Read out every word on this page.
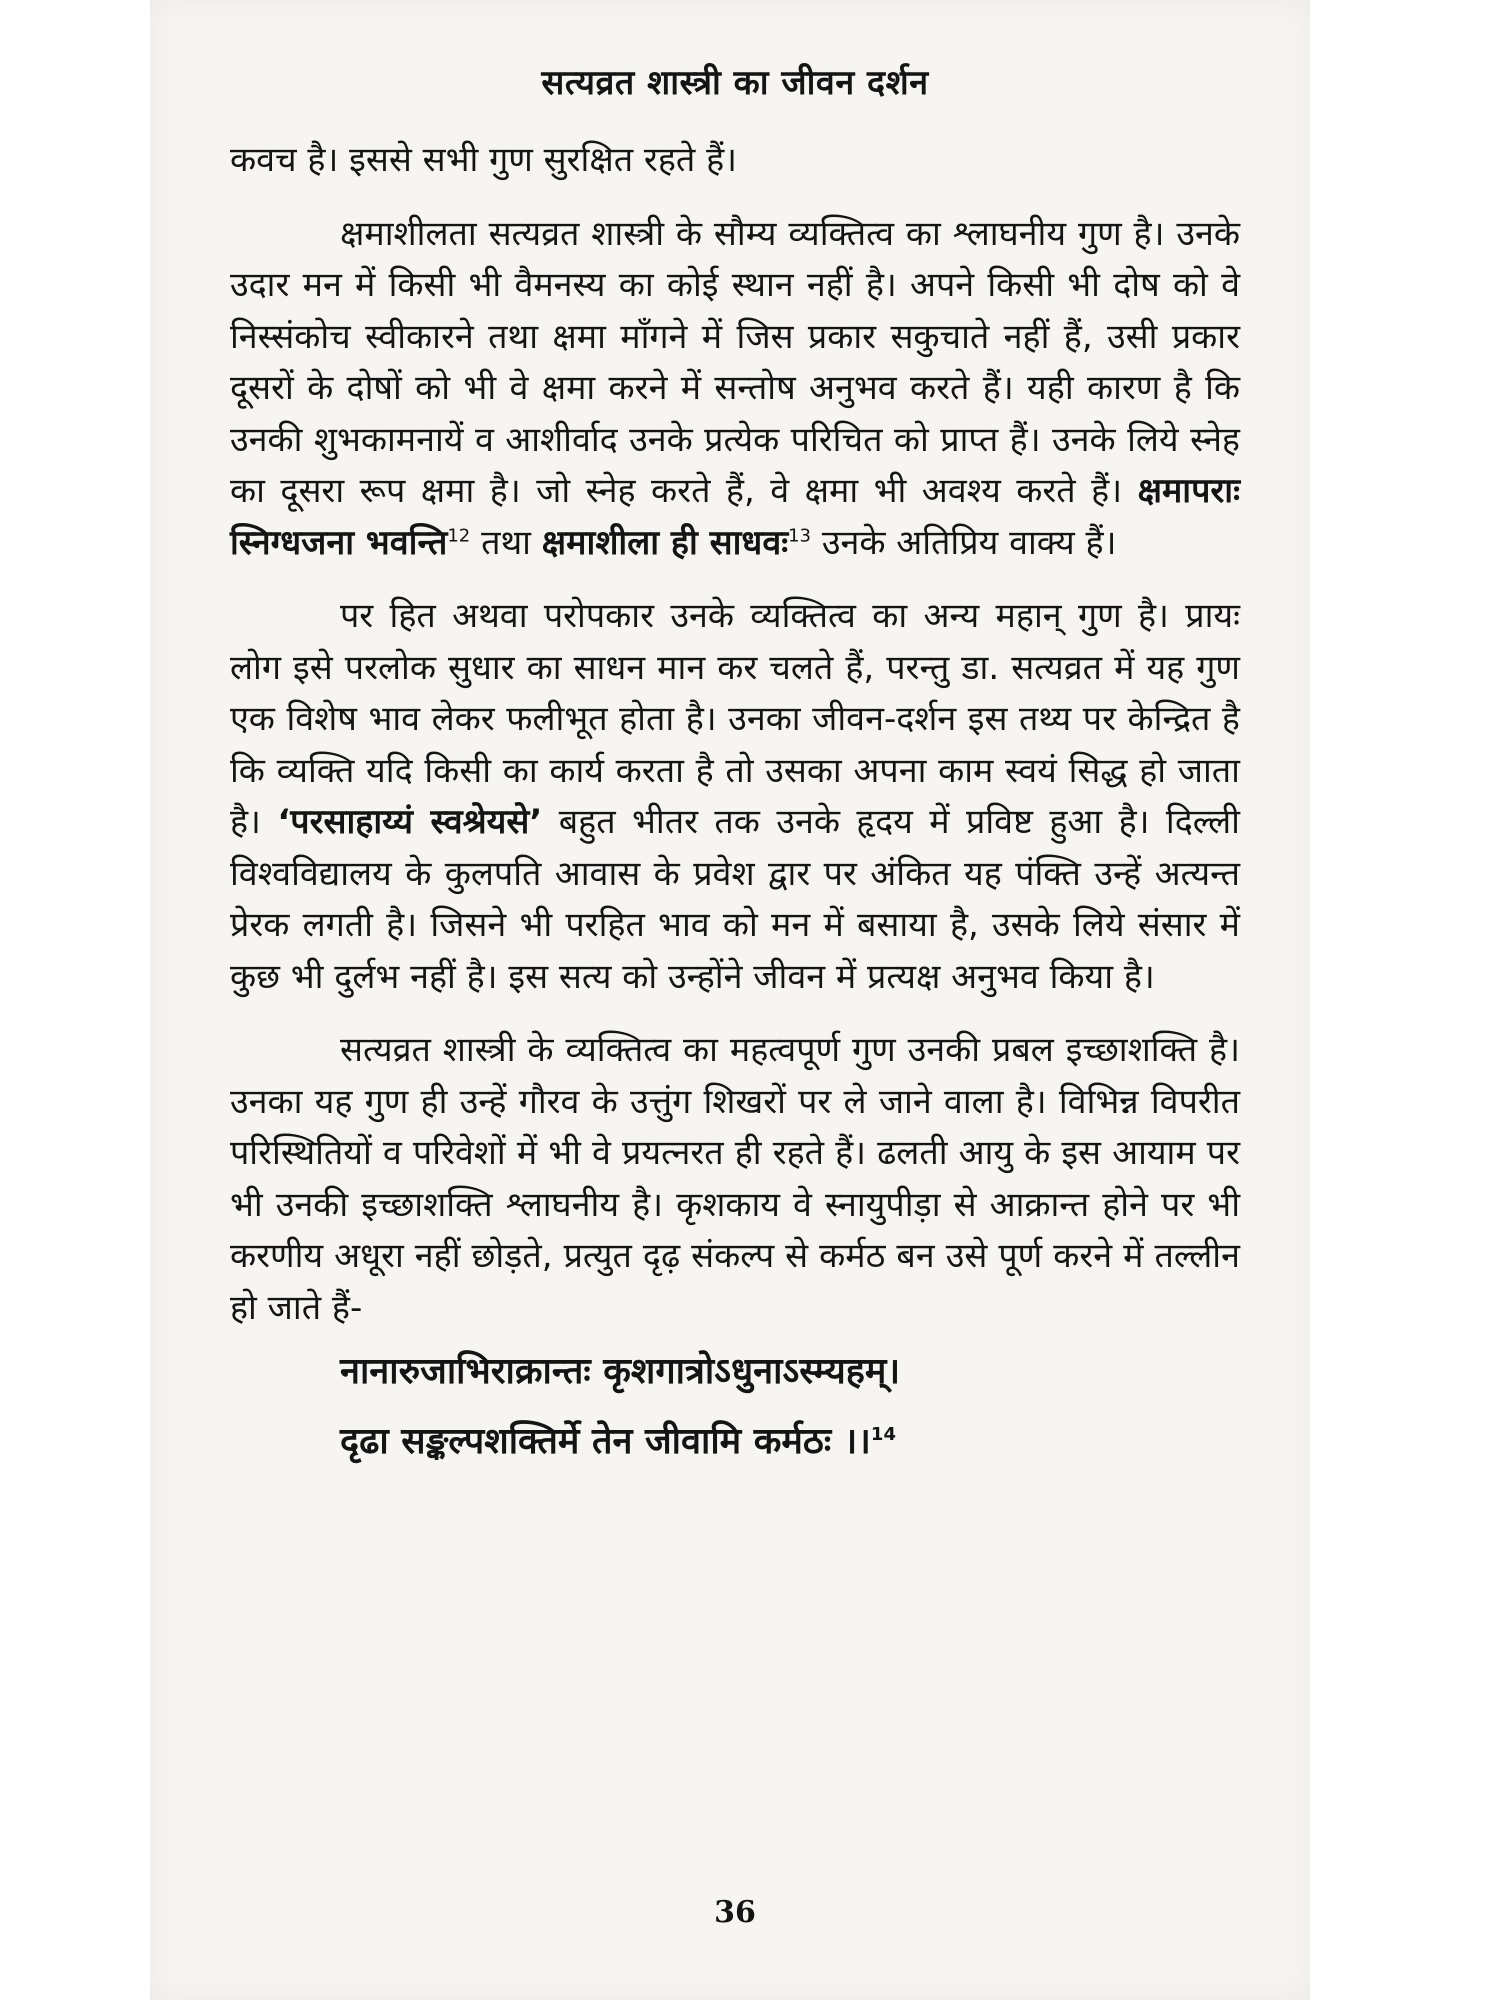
सत्यव्रत शास्त्री का जीवन दर्शन

कवच है। इससे सभी गुण सुरक्षित रहते हैं।

क्षमाशीलता सत्यव्रत शास्त्री के सौम्य व्यक्तित्व का श्लाघनीय गुण है। उनके उदार मन में किसी भी वैमनस्य का कोई स्थान नहीं है। अपने किसी भी दोष को वे निस्संकोच स्वीकारने तथा क्षमा माँगने में जिस प्रकार सकुचाते नहीं हैं, उसी प्रकार दूसरों के दोषों को भी वे क्षमा करने में सन्तोष अनुभव करते हैं। यही कारण है कि उनकी शुभकामनायें व आशीर्वाद उनके प्रत्येक परिचित को प्राप्त हैं। उनके लिये स्नेह का दूसरा रूप क्षमा है। जो स्नेह करते हैं, वे क्षमा भी अवश्य करते हैं। क्षमापराः स्निग्धजना भवन्ति$^{12}$ तथा क्षमाशीला ही साधवः$^{13}$ उनके अतिप्रिय वाक्य हैं।

पर हित अथवा परोपकार उनके व्यक्तित्व का अन्य महान् गुण है। प्रायः लोग इसे परलोक सुधार का साधन मान कर चलते हैं, परन्तु डा. सत्यव्रत में यह गुण एक विशेष भाव लेकर फलीभूत होता है। उनका जीवन-दर्शन इस तथ्य पर केन्द्रित है कि व्यक्ति यदि किसी का कार्य करता है तो उसका अपना काम स्वयं सिद्ध हो जाता है। ‘परसाहाय्यं स्वश्रेयसे’ बहुत भीतर तक उनके हृदय में प्रविष्ट हुआ है। दिल्ली विश्वविद्यालय के कुलपति आवास के प्रवेश द्वार पर अंकित यह पंक्ति उन्हें अत्यन्त प्रेरक लगती है। जिसने भी परहित भाव को मन में बसाया है, उसके लिये संसार में कुछ भी दुर्लभ नहीं है। इस सत्य को उन्होंने जीवन में प्रत्यक्ष अनुभव किया है।

सत्यव्रत शास्त्री के व्यक्तित्व का महत्वपूर्ण गुण उनकी प्रबल इच्छाशक्ति है। उनका यह गुण ही उन्हें गौरव के उत्तुंग शिखरों पर ले जाने वाला है। विभिन्न विपरीत परिस्थितियों व परिवेशों में भी वे प्रयत्नरत ही रहते हैं। ढलती आयु के इस आयाम पर भी उनकी इच्छाशक्ति श्लाघनीय है। कृशकाय वे स्नायुपीड़ा से आक्रान्त होने पर भी करणीय अधूरा नहीं छोड़ते, प्रत्युत दृढ़ संकल्प से कर्मठ बन उसे पूर्ण करने में तल्लीन हो जाते हैं-

नानारुजाभिराक्रान्तः कृशगात्रोऽधुनाऽस्म्यहम्।

दृढा सङ्कल्पशक्तिर्मे तेन जीवामि कर्मठः ।।$^{14}$

36
